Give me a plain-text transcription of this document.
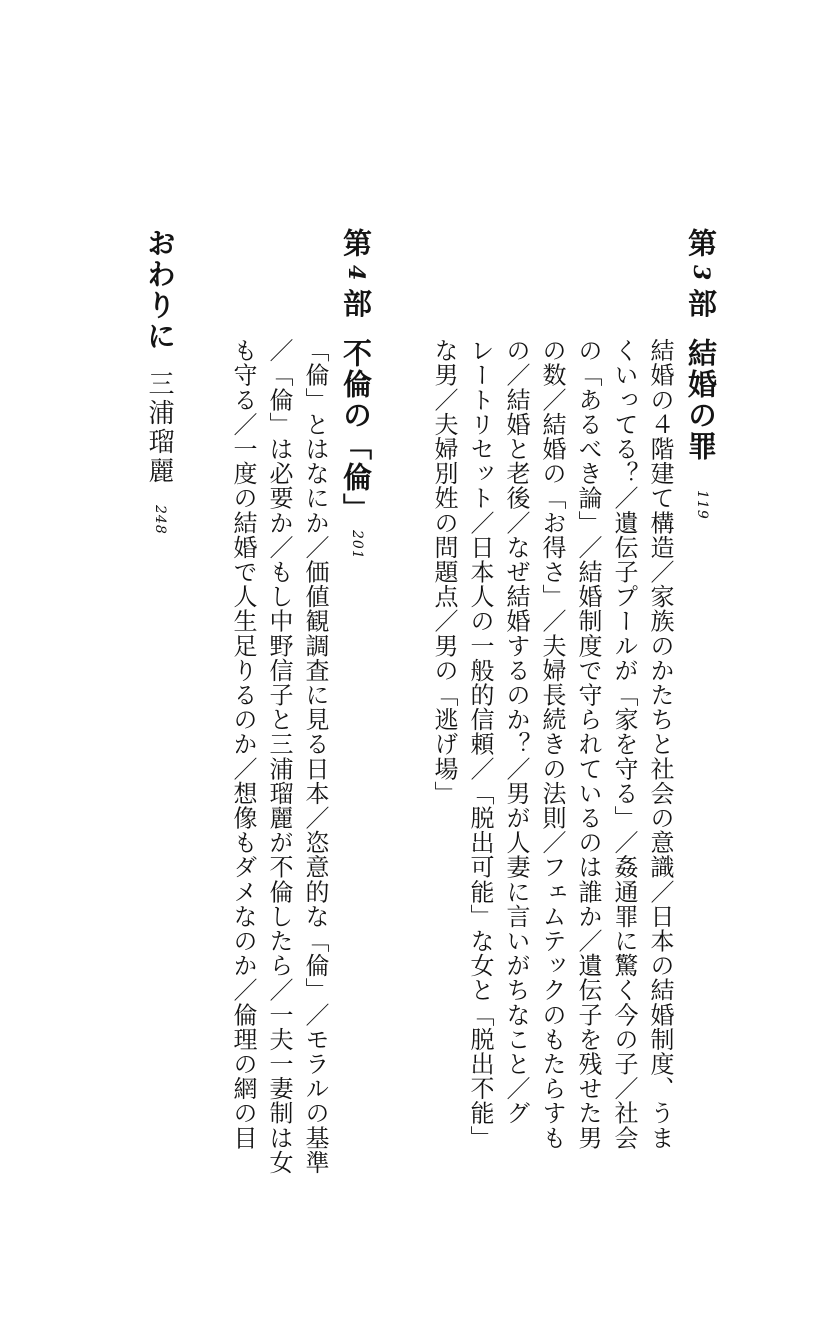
第3部
結婚の罪
119
結婚の４階建て構造／家族のかたちと社会の意識／日本の結婚制度、うま
くいってる？／遺伝子プールが「家を守る」／姦通罪に驚く今の子／社会
の「あるべき論」／結婚制度で守られているのは誰か／遺伝子を残せた男
の数／結婚の「お得さ」／夫婦長続きの法則／フェムテックのもたらすも
の／結婚と老後／なぜ結婚するのか？／男が人妻に言いがちなこと／グ
レートリセット／日本人の一般的信頼／「脱出可能」な女と「脱出不能」
な男／夫婦別姓の問題点／男の「逃げ場」
第4部
不倫の「倫」
201
「倫」とはなにか／価値観調査に見る日本／恣意的な「倫」／モラルの基準
／「倫」は必要か／もし中野信子と三浦瑠麗が不倫したら／一夫一妻制は女
も守る／一度の結婚で人生足りるのか／想像もダメなのか／倫理の網の目
おわりに
三浦瑠麗
248
